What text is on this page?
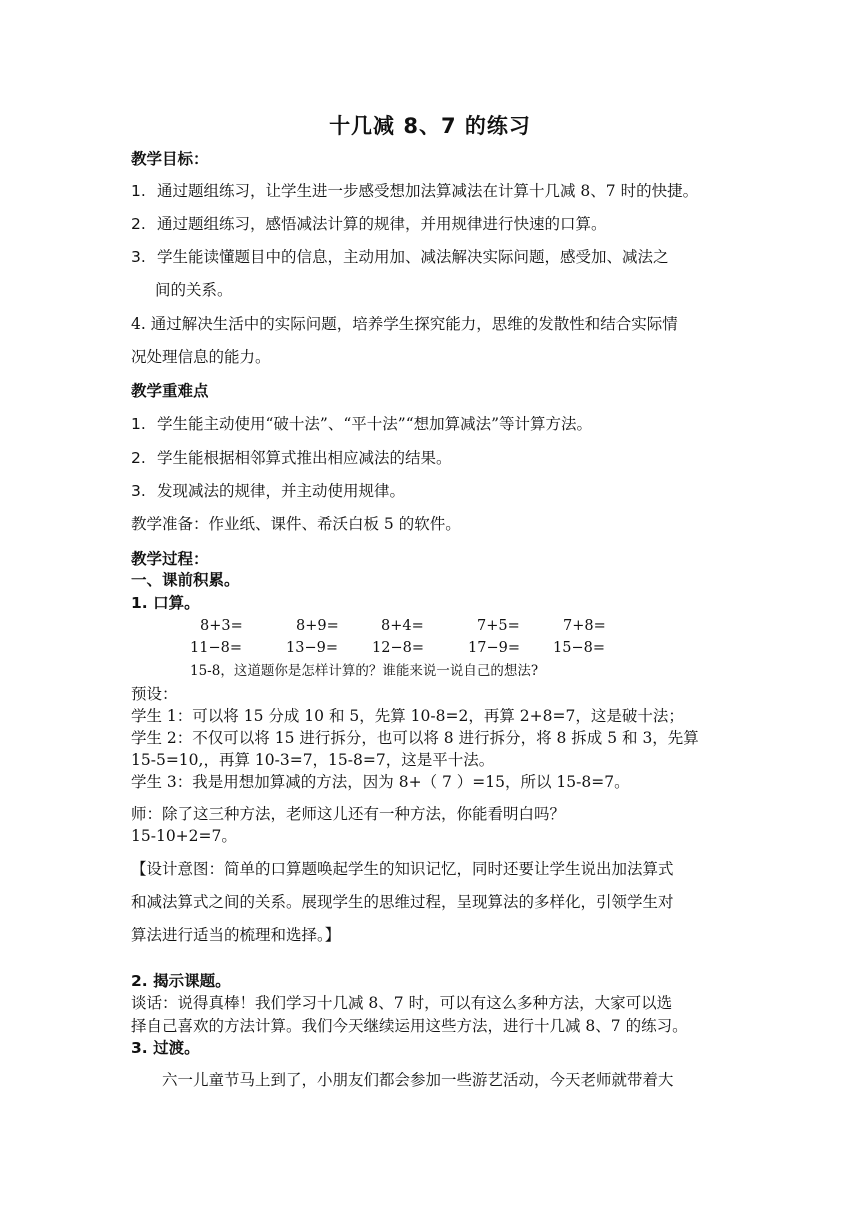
十几减 8、7 的练习
教学目标：
1. 通过题组练习，让学生进一步感受想加法算减法在计算十几减 8、7 时的快捷。
2. 通过题组练习，感悟减法计算的规律，并用规律进行快速的口算。
3. 学生能读懂题目中的信息，主动用加、减法解决实际问题，感受加、减法之
间的关系。
4. 通过解决生活中的实际问题，培养学生探究能力，思维的发散性和结合实际情
况处理信息的能力。
教学重难点
1. 学生能主动使用“破十法”、“平十法”“想加算减法”等计算方法。
2. 学生能根据相邻算式推出相应减法的结果。
3. 发现减法的规律，并主动使用规律。
教学准备：作业纸、课件、希沃白板 5 的软件。
教学过程：
一、课前积累。
1. 口算。
8+3=	8+9=	8+4=	7+5=	7+8=
11−8=	13−9= 12−8=	17−9= 15−8=
15-8，这道题你是怎样计算的？谁能来说一说自己的想法?
预设：
学生 1：可以将 15 分成 10 和 5，先算 10-8=2，再算 2+8=7，这是破十法；
学生 2：不仅可以将 15 进行拆分，也可以将 8 进行拆分，将 8 拆成 5 和 3，先算
15-5=10,，再算 10-3=7，15-8=7，这是平十法。
学生 3：我是用想加算减的方法，因为 8+（ 7 ）=15，所以 15-8=7。
师：除了这三种方法，老师这儿还有一种方法，你能看明白吗？
15-10+2=7。
【设计意图：简单的口算题唤起学生的知识记忆，同时还要让学生说出加法算式
和减法算式之间的关系。展现学生的思维过程，呈现算法的多样化，引领学生对
算法进行适当的梳理和选择。】
2. 揭示课题。
谈话：说得真棒！我们学习十几减 8、7 时，可以有这么多种方法，大家可以选
择自己喜欢的方法计算。我们今天继续运用这些方法，进行十几减 8、7 的练习。
3. 过渡。
六一儿童节马上到了，小朋友们都会参加一些游艺活动，今天老师就带着大
